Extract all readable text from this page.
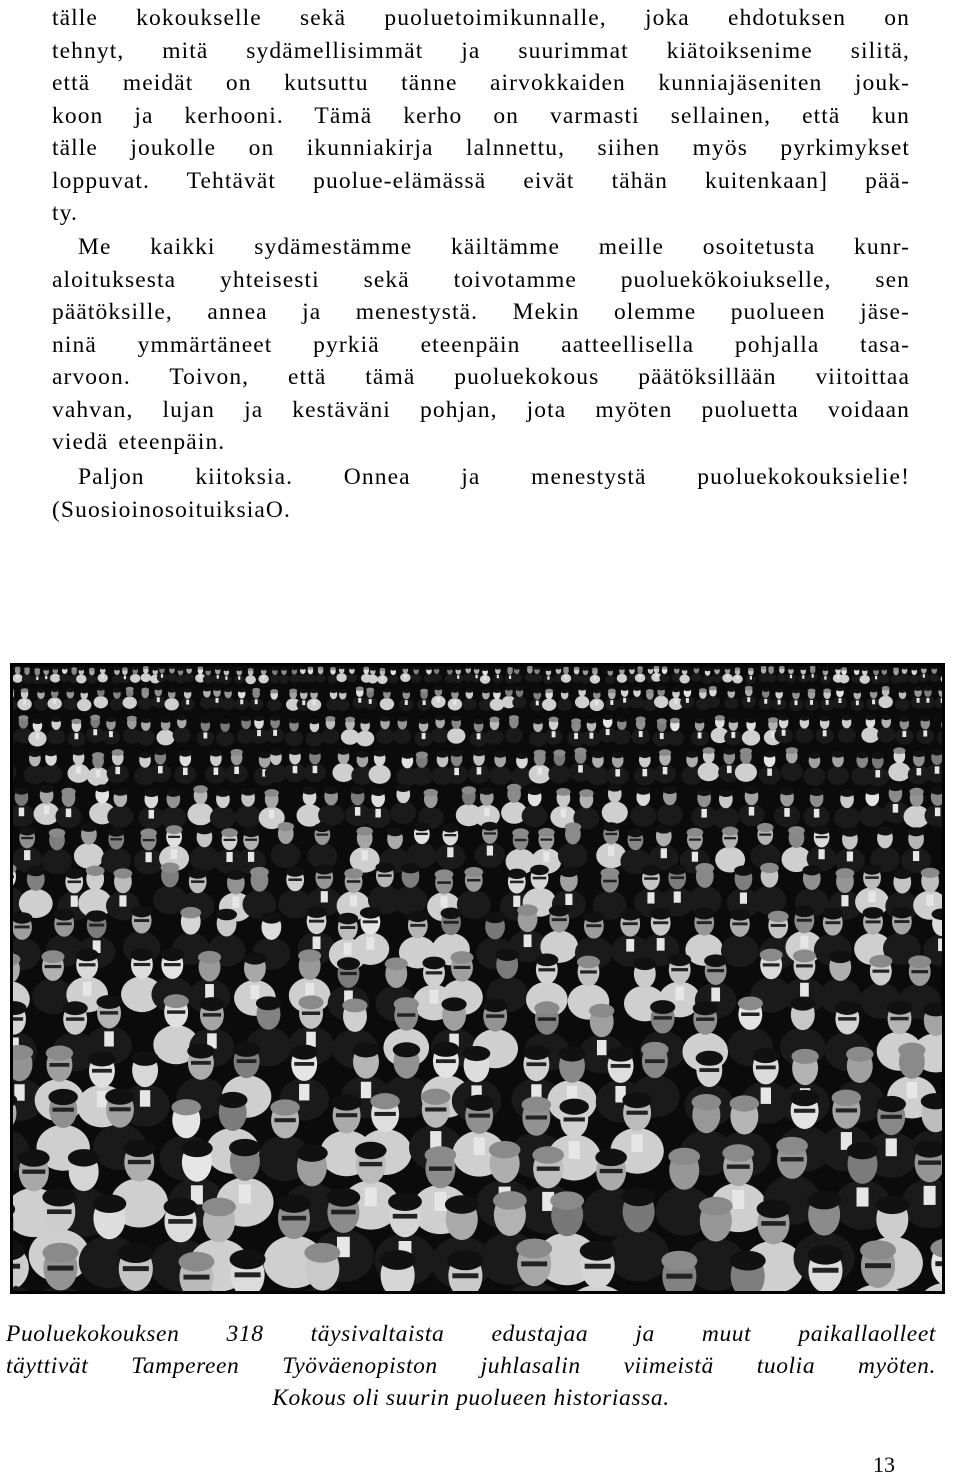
tälle kokoukselle sekä puoluetoimikunnalle, joka ehdotuksen on
tehnyt, mitä sydämellisimmät ja suurimmat kiätoiksenime silitä,
että meidät on kutsuttu tänne airvokkaiden kunniajäseniten jouk-
koon ja kerhooni. Tämä kerho on varmasti sellainen, että kun
tälle joukolle on ikunniakirja lalnnettu, siihen myös pyrkimykset
loppuvat. Tehtävät puolue-elämässä eivät tähän kuitenkaan] pää-
ty.
Me kaikki sydämestämme käiltämme meille osoitetusta kunr-
aloituksesta yhteisesti sekä toivotamme puoluekökoiukselle, sen
päätöksille, annea ja menestystä. Mekin olemme puolueen jäse-
ninä ymmärtäneet pyrkiä eteenpäin aatteellisella pohjalla tasa-
arvoon. Toivon, että tämä puoluekokous päätöksillään viitoittaa
vahvan, lujan ja kestäväni pohjan, jota myöten puoluetta voidaan
viedä eteenpäin.
Paljon kiitoksia. Onnea ja menestystä puoluekokouksielie!
(SuosioinosoituiksiaO.
Puoluekokouksen 318 täysivaltaista edustajaa ja muut paikallaolleet
täyttivät Tampereen Työväenopiston juhlasalin viimeistä tuolia myöten.
Kokous oli suurin puolueen historiassa.
13
